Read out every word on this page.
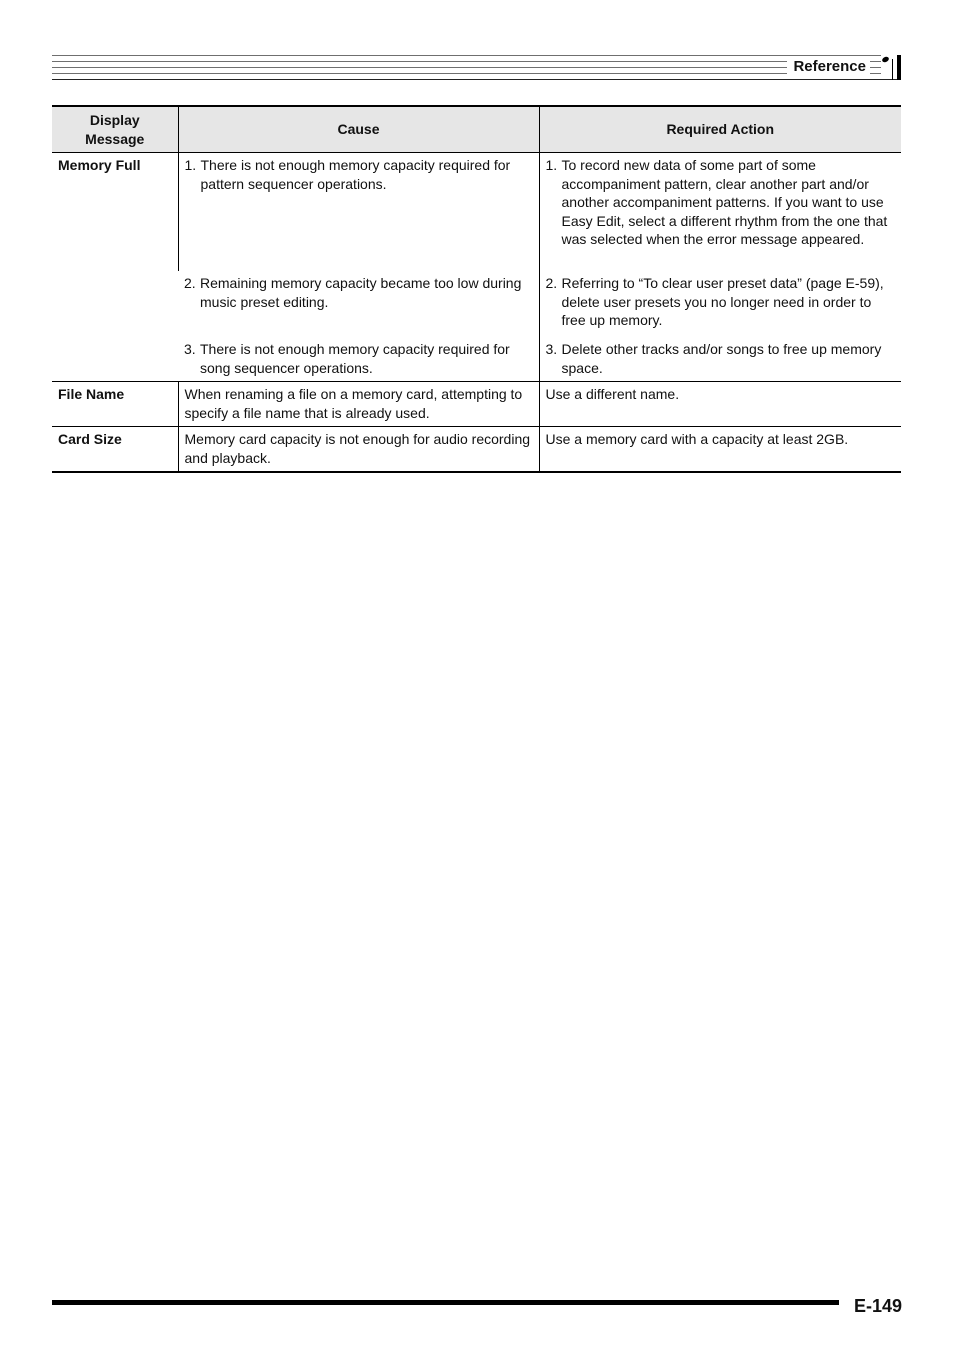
Reference
Display
Message	Cause	Required Action
Memory Full	1. There is not enough memory capacity required for pattern sequencer operations.	1. To record new data of some part of some accompaniment pattern, clear another part and/or another accompaniment patterns. If you want to use Easy Edit, select a different rhythm from the one that was selected when the error message appeared.

	2. Remaining memory capacity became too low during music preset editing.	2. Referring to “To clear user preset data” (page E-59), delete user presets you no longer need in order to free up memory.

	3. There is not enough memory capacity required for song sequencer operations.	3. Delete other tracks and/or songs to free up memory space.

File Name	When renaming a file on a memory card, attempting to specify a file name that is already used.	Use a different name.
Card Size	Memory card capacity is not enough for audio recording and playback.	Use a memory card with a capacity at least 2GB.
E-149
